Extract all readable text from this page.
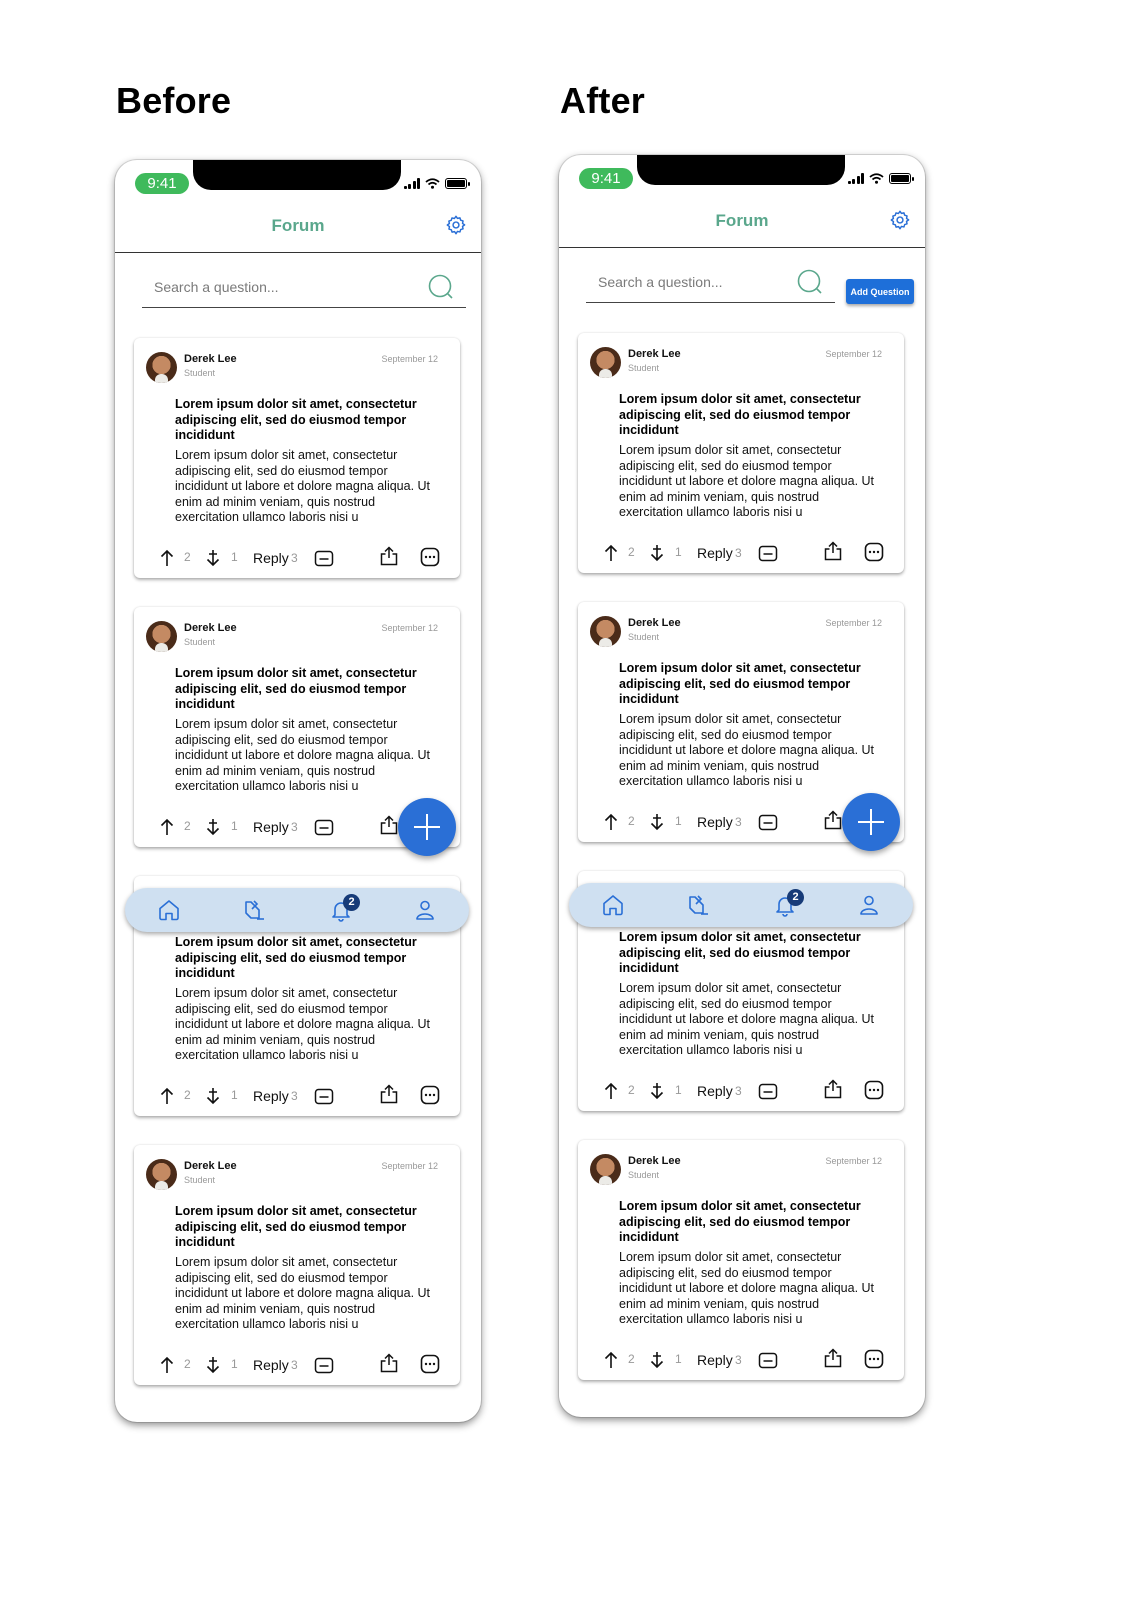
Before	After
9:41
Forum
Search a question...
Derek Lee
Student
September 12
Lorem ipsum dolor sit amet, consectetur adipiscing elit, sed do eiusmod tempor incididunt
Lorem ipsum dolor sit amet, consectetur adipiscing elit, sed do eiusmod tempor incididunt ut labore et dolore magna aliqua. Ut enim ad minim veniam, quis nostrud exercitation ullamco laboris nisi u
2	1 Reply 3
Derek Lee
Student
September 12
Lorem ipsum dolor sit amet, consectetur adipiscing elit, sed do eiusmod tempor incididunt
Lorem ipsum dolor sit amet, consectetur adipiscing elit, sed do eiusmod tempor incididunt ut labore et dolore magna aliqua. Ut enim ad minim veniam, quis nostrud exercitation ullamco laboris nisi u
2	1 Reply 3
Lorem ipsum dolor sit amet, consectetur adipiscing elit, sed do eiusmod tempor incididunt
Lorem ipsum dolor sit amet, consectetur adipiscing elit, sed do eiusmod tempor incididunt ut labore et dolore magna aliqua. Ut enim ad minim veniam, quis nostrud exercitation ullamco laboris nisi u
2	1 Reply 3
Derek Lee
Student
September 12
Lorem ipsum dolor sit amet, consectetur adipiscing elit, sed do eiusmod tempor incididunt
Lorem ipsum dolor sit amet, consectetur adipiscing elit, sed do eiusmod tempor incididunt ut labore et dolore magna aliqua. Ut enim ad minim veniam, quis nostrud exercitation ullamco laboris nisi u
2	1 Reply 3
2
9:41
Forum
Search a question...
Add Question
Derek Lee
Student
September 12
Lorem ipsum dolor sit amet, consectetur adipiscing elit, sed do eiusmod tempor incididunt
Lorem ipsum dolor sit amet, consectetur adipiscing elit, sed do eiusmod tempor incididunt ut labore et dolore magna aliqua. Ut enim ad minim veniam, quis nostrud exercitation ullamco laboris nisi u
2	1 Reply 3
Derek Lee
Student
September 12
Lorem ipsum dolor sit amet, consectetur adipiscing elit, sed do eiusmod tempor incididunt
Lorem ipsum dolor sit amet, consectetur adipiscing elit, sed do eiusmod tempor incididunt ut labore et dolore magna aliqua. Ut enim ad minim veniam, quis nostrud exercitation ullamco laboris nisi u
2	1 Reply 3
Lorem ipsum dolor sit amet, consectetur adipiscing elit, sed do eiusmod tempor incididunt
Lorem ipsum dolor sit amet, consectetur adipiscing elit, sed do eiusmod tempor incididunt ut labore et dolore magna aliqua. Ut enim ad minim veniam, quis nostrud exercitation ullamco laboris nisi u
2	1 Reply 3
Derek Lee
Student
September 12
Lorem ipsum dolor sit amet, consectetur adipiscing elit, sed do eiusmod tempor incididunt
Lorem ipsum dolor sit amet, consectetur adipiscing elit, sed do eiusmod tempor incididunt ut labore et dolore magna aliqua. Ut enim ad minim veniam, quis nostrud exercitation ullamco laboris nisi u
2	1 Reply 3
2
